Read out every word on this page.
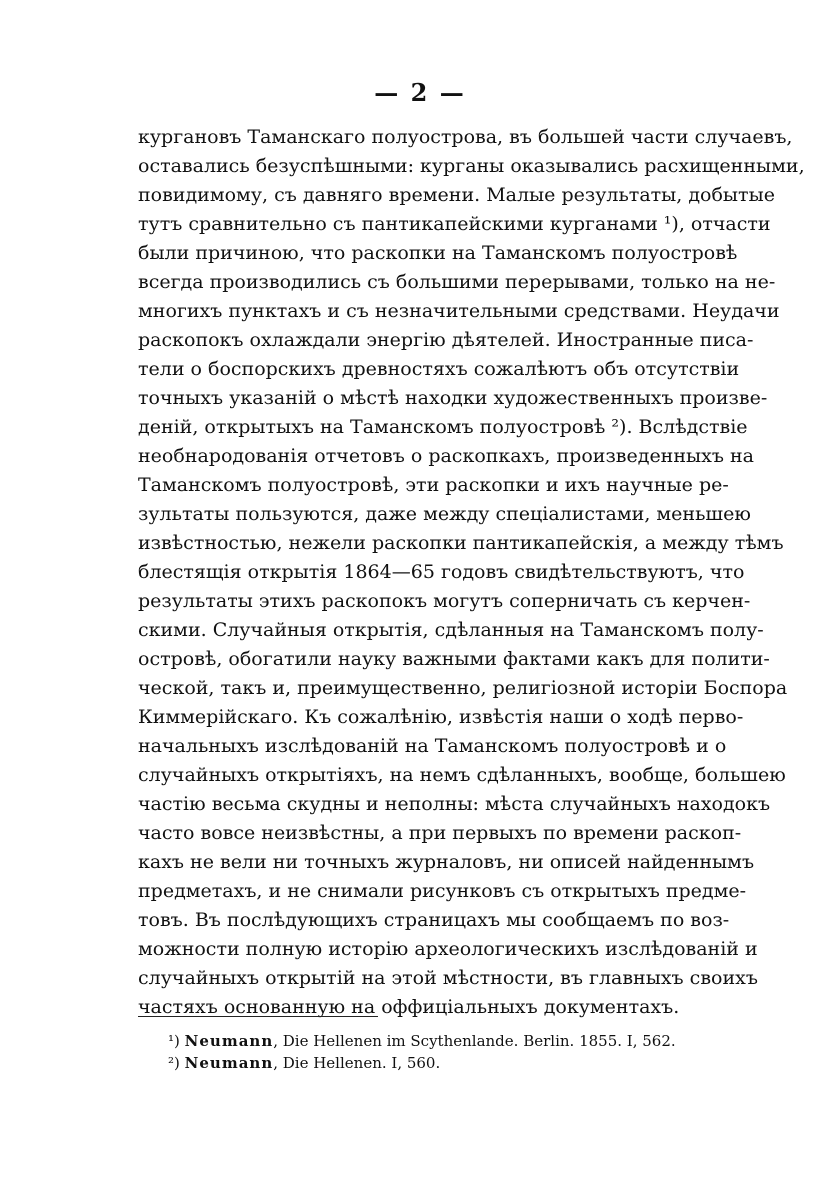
— 2 —
кургановъ Таманскаго полуострова, въ большей части случаевъ,
оставались безуспѣшными: курганы оказывались расхищенными,
повидимому, съ давняго времени. Малые результаты, добытые
тутъ сравнительно съ пантикапейскими курганами ¹), отчасти
были причиною, что раскопки на Таманскомъ полуостровѣ
всегда производились съ большими перерывами, только на не-
многихъ пунктахъ и съ незначительными средствами. Неудачи
раскопокъ охлаждали энергію дѣятелей. Иностранные писа-
тели о боспорскихъ древностяхъ сожалѣютъ объ отсутствіи
точныхъ указаній о мѣстѣ находки художественныхъ произве-
деній, открытыхъ на Таманскомъ полуостровѣ ²). Вслѣдствіе
необнародованія отчетовъ о раскопкахъ, произведенныхъ на
Таманскомъ полуостровѣ, эти раскопки и ихъ научные ре-
зультаты пользуются, даже между спеціалистами, меньшею
извѣстностью, нежели раскопки пантикапейскія, а между тѣмъ
блестящія открытія 1864—65 годовъ свидѣтельствуютъ, что
результаты этихъ раскопокъ могутъ соперничать съ керчен-
скими. Случайныя открытія, сдѣланныя на Таманскомъ полу-
островѣ, обогатили науку важными фактами какъ для полити-
ческой, такъ и, преимущественно, религіозной исторіи Боспора
Киммерійскаго. Къ сожалѣнію, извѣстія наши о ходѣ перво-
начальныхъ изслѣдованій на Таманскомъ полуостровѣ и о
случайныхъ открытіяхъ, на немъ сдѣланныхъ, вообще, большею
частію весьма скудны и неполны: мѣста случайныхъ находокъ
часто вовсе неизвѣстны, а при первыхъ по времени раскоп-
кахъ не вели ни точныхъ журналовъ, ни описей найденнымъ
предметахъ, и не снимали рисунковъ съ открытыхъ предме-
товъ. Въ послѣдующихъ страницахъ мы сообщаемъ по воз-
можности полную исторію археологическихъ изслѣдованій и
случайныхъ открытій на этой мѣстности, въ главныхъ своихъ
частяхъ основанную на оффиціальныхъ документахъ.
¹) Neumann, Die Hellenen im Scythenlande. Berlin. 1855. I, 562.
²) Neumann, Die Hellenen. I, 560.
